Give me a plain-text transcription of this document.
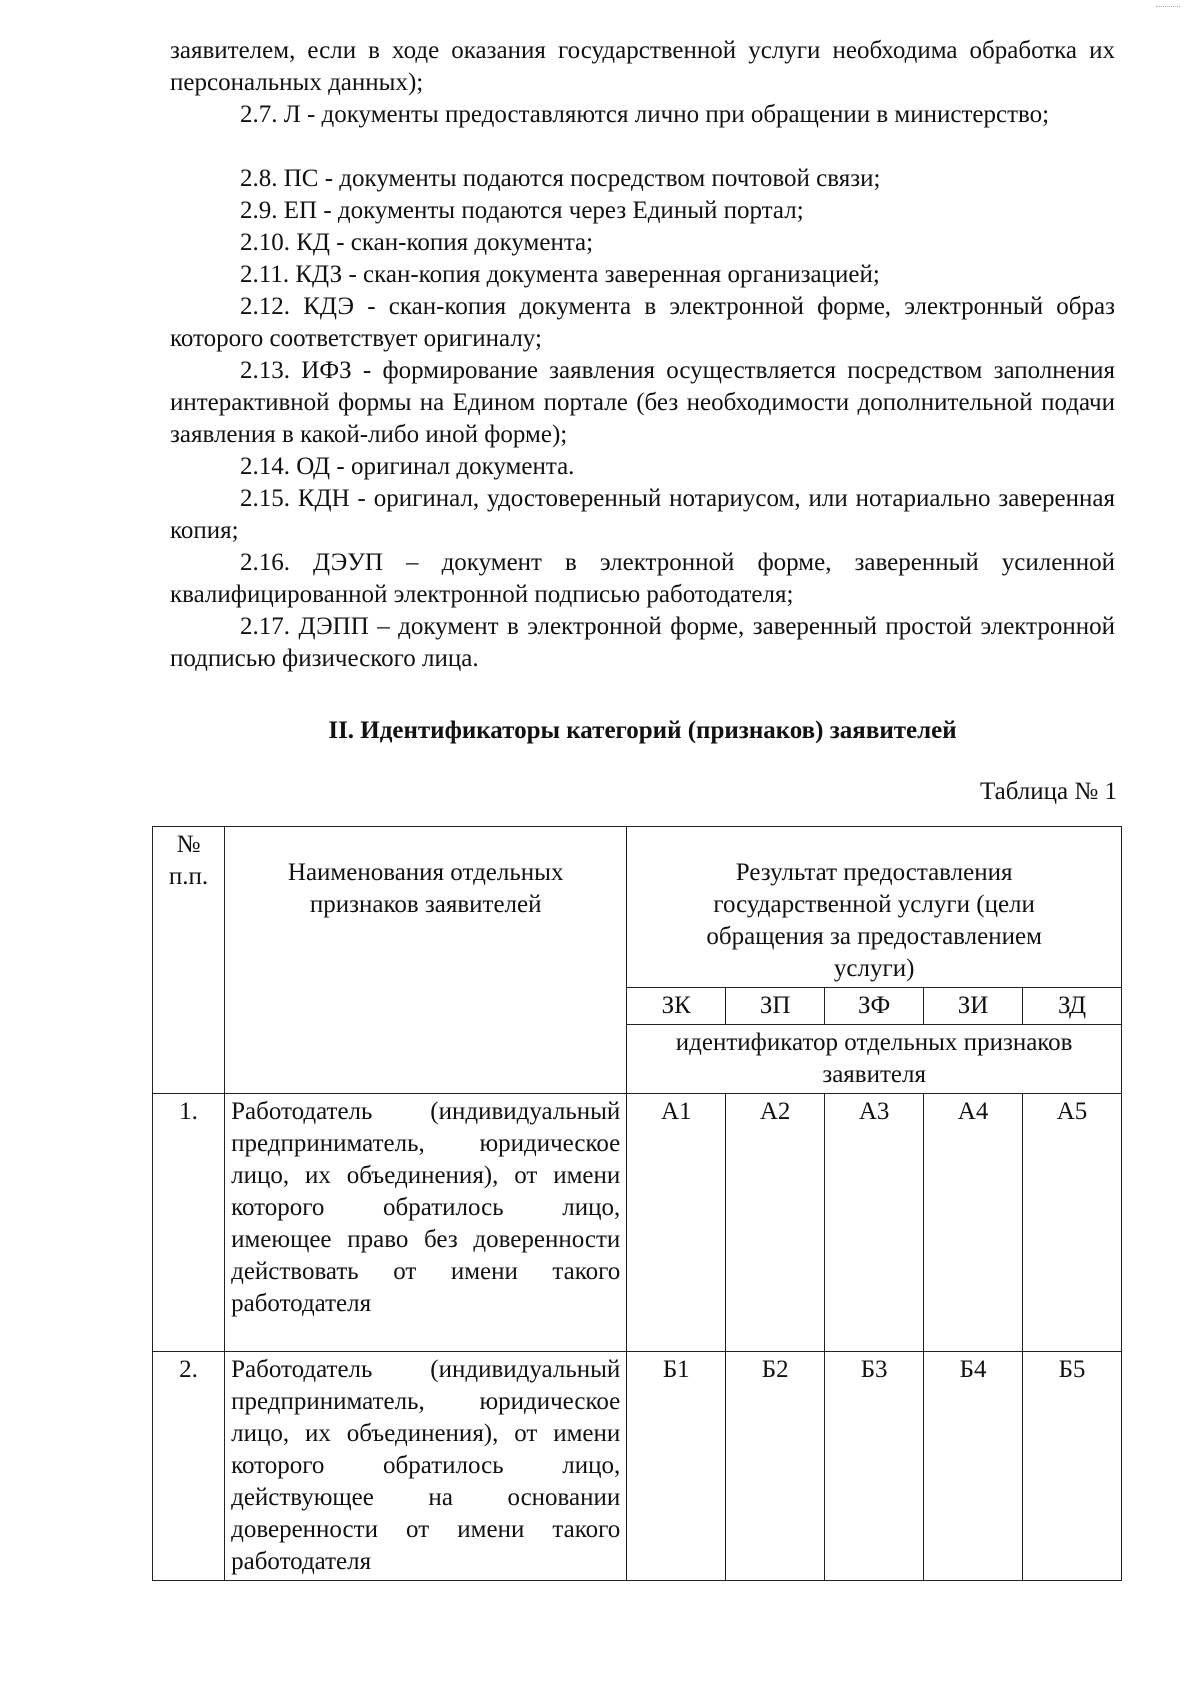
заявителем, если в ходе оказания государственной услуги необходима обработка их персональных данных);

2.7. Л - документы предоставляются лично при обращении в министерство;

2.8. ПС - документы подаются посредством почтовой связи;

2.9. ЕП - документы подаются через Единый портал;

2.10. КД - скан-копия документа;

2.11. КДЗ - скан-копия документа заверенная организацией;

2.12. КДЭ - скан-копия документа в электронной форме, электронный образ которого соответствует оригиналу;

2.13. ИФЗ - формирование заявления осуществляется посредством заполнения интерактивной формы на Едином портале (без необходимости дополнительной подачи заявления в какой-либо иной форме);

2.14. ОД - оригинал документа.

2.15. КДН - оригинал, удостоверенный нотариусом, или нотариально заверенная копия;

2.16. ДЭУП – документ в электронной форме, заверенный усиленной квалифицированной электронной подписью работодателя;

2.17. ДЭПП – документ в электронной форме, заверенный простой электронной подписью физического лица.

II. Идентификаторы категорий (признаков) заявителей
Таблица № 1
№ п.п.	Наименования отдельных признаков заявителей	Результат предоставления государственной услуги (цели обращения за предоставлением услуги)				
		ЗК	ЗП	ЗФ	ЗИ	ЗД
		идентификатор отдельных признаков заявителя				
1.	Работодатель (индивидуальный предприниматель, юридическое лицо, их объединения), от имени которого обратилось лицо, имеющее право без доверенности действовать от имени такого работодателя	А1	А2	А3	А4	А5
2.	Работодатель (индивидуальный предприниматель, юридическое лицо, их объединения), от имени которого обратилось лицо, действующее на основании доверенности от имени такого работодателя	Б1	Б2	Б3	Б4	Б5
